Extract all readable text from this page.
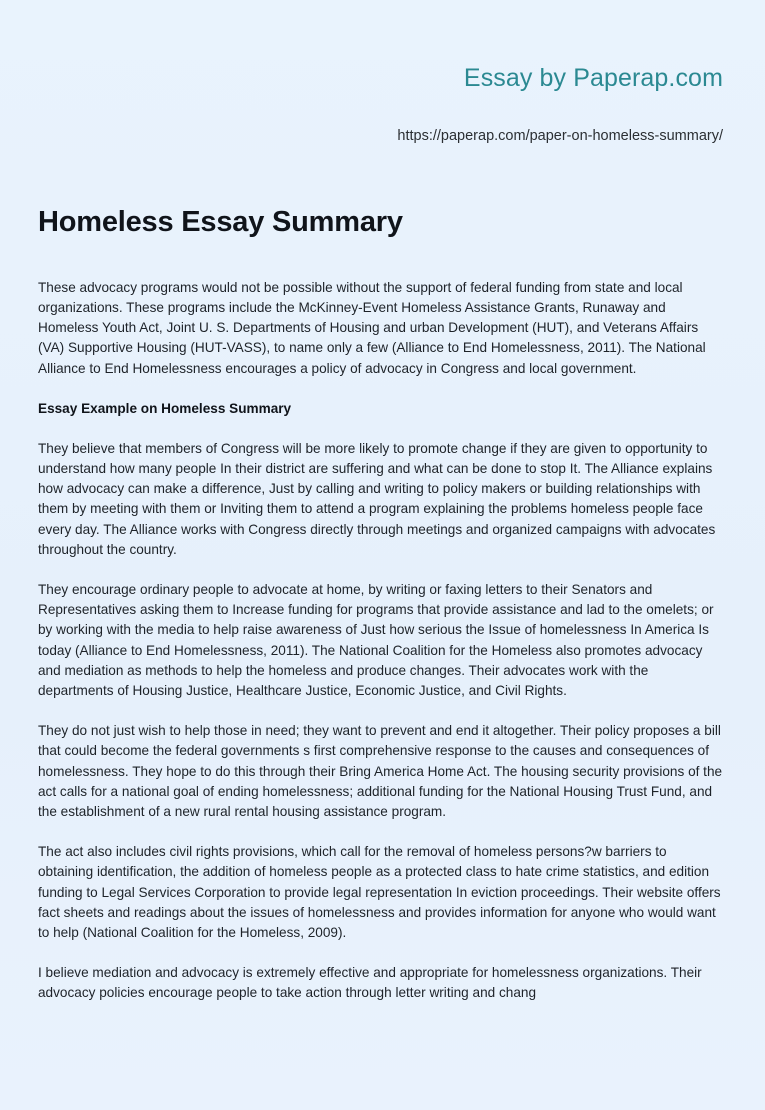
Essay by Paperap.com
https://paperap.com/paper-on-homeless-summary/
Homeless Essay Summary

These advocacy programs would not be possible without the support of federal funding from state and local organizations. These programs include the McKinney-Event Homeless Assistance Grants, Runaway and Homeless Youth Act, Joint U. S. Departments of Housing and urban Development (HUT), and Veterans Affairs (VA) Supportive Housing (HUT-VASS), to name only a few (Alliance to End Homelessness, 2011). The National Alliance to End Homelessness encourages a policy of advocacy in Congress and local government.

Essay Example on Homeless Summary

They believe that members of Congress will be more likely to promote change if they are given to opportunity to understand how many people In their district are suffering and what can be done to stop It. The Alliance explains how advocacy can make a difference, Just by calling and writing to policy makers or building relationships with them by meeting with them or Inviting them to attend a program explaining the problems homeless people face every day. The Alliance works with Congress directly through meetings and organized campaigns with advocates throughout the country.

They encourage ordinary people to advocate at home, by writing or faxing letters to their Senators and Representatives asking them to Increase funding for programs that provide assistance and lad to the omelets; or by working with the media to help raise awareness of Just how serious the Issue of homelessness In America Is today (Alliance to End Homelessness, 2011). The National Coalition for the Homeless also promotes advocacy and mediation as methods to help the homeless and produce changes. Their advocates work with the departments of Housing Justice, Healthcare Justice, Economic Justice, and Civil Rights.

They do not just wish to help those in need; they want to prevent and end it altogether. Their policy proposes a bill that could become the federal governments s first comprehensive response to the causes and consequences of homelessness. They hope to do this through their Bring America Home Act. The housing security provisions of the act calls for a national goal of ending homelessness; additional funding for the National Housing Trust Fund, and the establishment of a new rural rental housing assistance program.

The act also includes civil rights provisions, which call for the removal of homeless persons?w barriers to obtaining identification, the addition of homeless people as a protected class to hate crime statistics, and edition funding to Legal Services Corporation to provide legal representation In eviction proceedings. Their website offers fact sheets and readings about the issues of homelessness and provides information for anyone who would want to help (National Coalition for the Homeless, 2009).

I believe mediation and advocacy is extremely effective and appropriate for homelessness organizations. Their advocacy policies encourage people to take action through letter writing and chang
